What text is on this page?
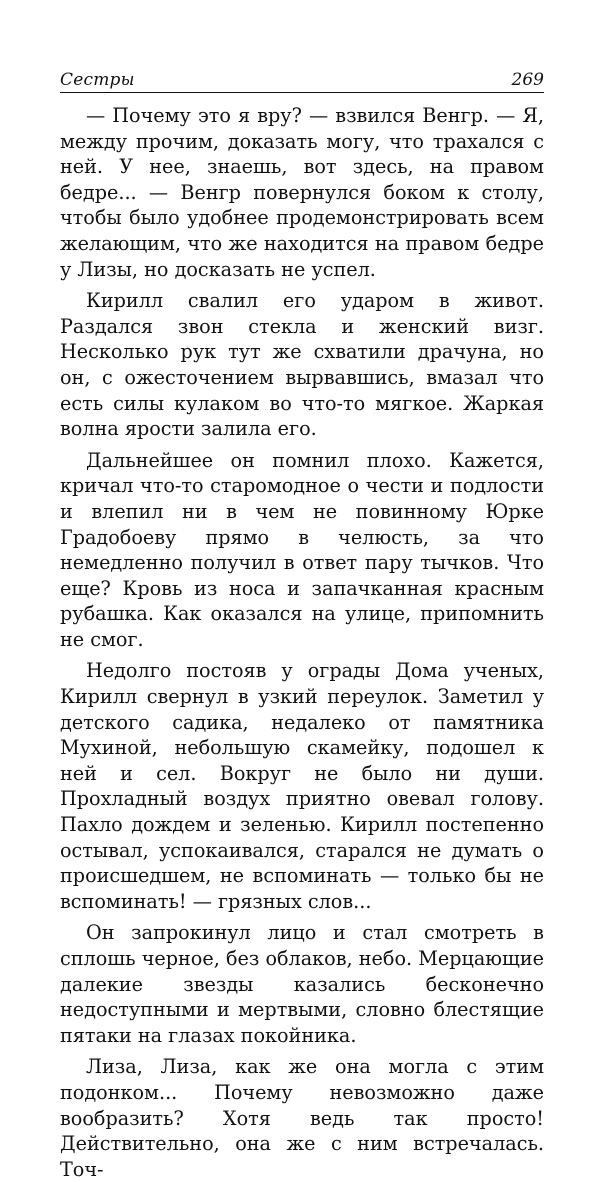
Сестры	269

— Почему это я вру? — взвился Венгр. — Я, между прочим, доказать могу, что трахался с ней. У нее, знаешь, вот здесь, на правом бедре... — Венгр повернулся боком к столу, чтобы было удобнее продемонстрировать всем желающим, что же находится на правом бедре у Лизы, но досказать не успел.

Кирилл свалил его ударом в живот. Раздался звон стекла и женский визг. Несколько рук тут же схватили драчуна, но он, с ожесточением вырвавшись, вмазал что есть силы кулаком во что-то мягкое. Жаркая волна ярости залила его.

Дальнейшее он помнил плохо. Кажется, кричал что-то старомодное о чести и подлости и влепил ни в чем не повинному Юрке Градобоеву прямо в челюсть, за что немедленно получил в ответ пару тычков. Что еще? Кровь из носа и запачканная красным рубашка. Как оказался на улице, припомнить не смог.

Недолго постояв у ограды Дома ученых, Кирилл свернул в узкий переулок. Заметил у детского садика, недалеко от памятника Мухиной, небольшую скамейку, подошел к ней и сел. Вокруг не было ни души. Прохладный воздух приятно овевал голову. Пахло дождем и зеленью. Кирилл постепенно остывал, успокаивался, старался не думать о происшедшем, не вспоминать — только бы не вспоминать! — грязных слов...

Он запрокинул лицо и стал смотреть в сплошь черное, без облаков, небо. Мерцающие далекие звезды казались бесконечно недоступными и мертвыми, словно блестящие пятаки на глазах покойника.

Лиза, Лиза, как же она могла с этим подонком... Почему невозможно даже вообразить? Хотя ведь так просто! Действительно, она же с ним встречалась. Точ-
